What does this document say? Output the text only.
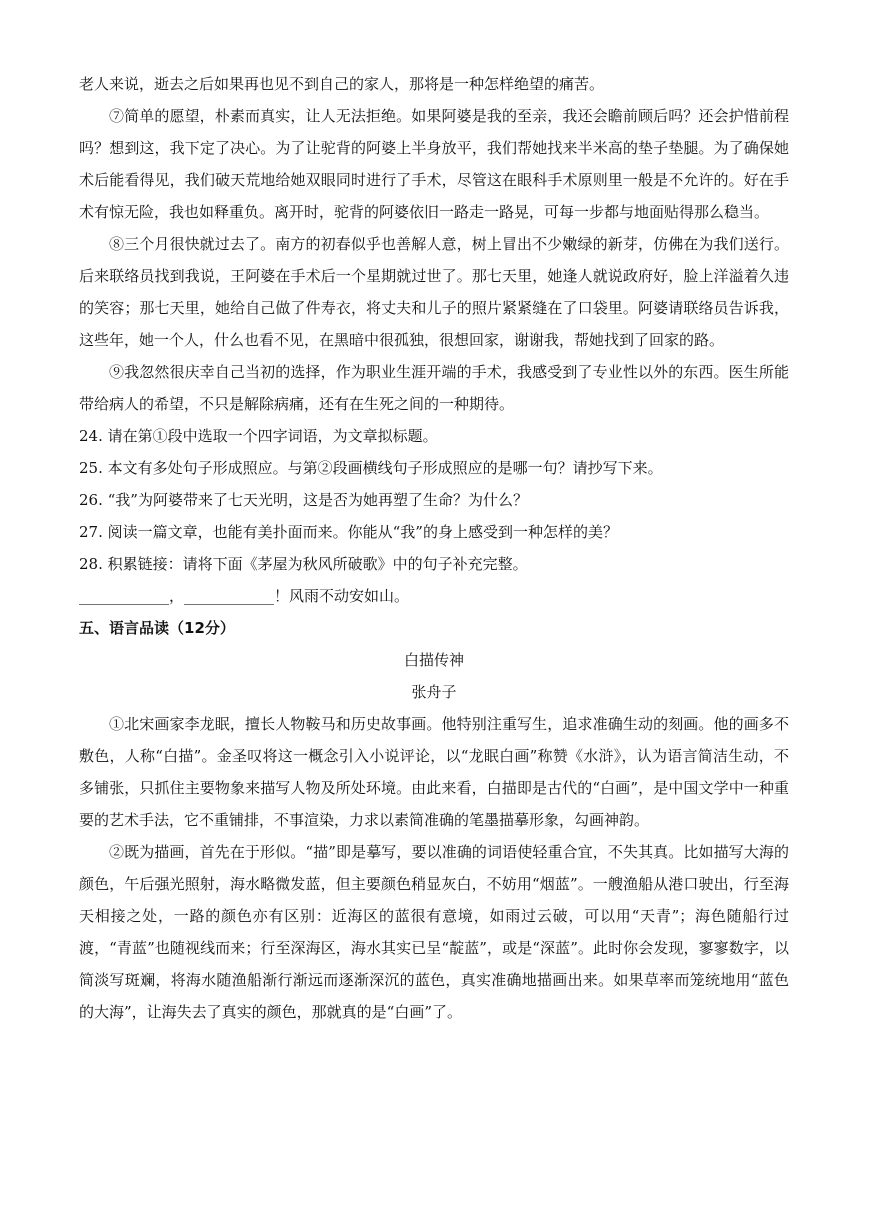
老人来说，逝去之后如果再也见不到自己的家人，那将是一种怎样绝望的痛苦。

⑦简单的愿望，朴素而真实，让人无法拒绝。如果阿婆是我的至亲，我还会瞻前顾后吗？还会护惜前程吗？想到这，我下定了决心。为了让驼背的阿婆上半身放平，我们帮她找来半米高的垫子垫腿。为了确保她术后能看得见，我们破天荒地给她双眼同时进行了手术，尽管这在眼科手术原则里一般是不允许的。好在手术有惊无险，我也如释重负。离开时，驼背的阿婆依旧一路走一路晃，可每一步都与地面贴得那么稳当。

⑧三个月很快就过去了。南方的初春似乎也善解人意，树上冒出不少嫩绿的新芽，仿佛在为我们送行。后来联络员找到我说，王阿婆在手术后一个星期就过世了。那七天里，她逢人就说政府好，脸上洋溢着久违的笑容；那七天里，她给自己做了件寿衣，将丈夫和儿子的照片紧紧缝在了口袋里。阿婆请联络员告诉我，这些年，她一个人，什么也看不见，在黑暗中很孤独，很想回家，谢谢我，帮她找到了回家的路。

⑨我忽然很庆幸自己当初的选择，作为职业生涯开端的手术，我感受到了专业性以外的东西。医生所能带给病人的希望，不只是解除病痛，还有在生死之间的一种期待。

24. 请在第①段中选取一个四字词语，为文章拟标题。

25. 本文有多处句子形成照应。与第②段画横线句子形成照应的是哪一句？请抄写下来。

26. “我”为阿婆带来了七天光明，这是否为她再塑了生命？为什么？

27. 阅读一篇文章，也能有美扑面而来。你能从“我”的身上感受到一种怎样的美？

28. 积累链接：请将下面《茅屋为秋风所破歌》中的句子补充完整。

____________，____________！风雨不动安如山。

五、语言品读（12分）

白描传神

张舟子

①北宋画家李龙眠，擅长人物鞍马和历史故事画。他特别注重写生，追求准确生动的刻画。他的画多不敷色，人称“白描”。金圣叹将这一概念引入小说评论，以“龙眠白画”称赞《水浒》，认为语言简洁生动，不多铺张，只抓住主要物象来描写人物及所处环境。由此来看，白描即是古代的“白画”，是中国文学中一种重要的艺术手法，它不重铺排，不事渲染，力求以素简准确的笔墨描摹形象，勾画神韵。

②既为描画，首先在于形似。“描”即是摹写，要以准确的词语使轻重合宜，不失其真。比如描写大海的颜色，午后强光照射，海水略微发蓝，但主要颜色稍显灰白，不妨用“烟蓝”。一艘渔船从港口驶出，行至海天相接之处，一路的颜色亦有区别：近海区的蓝很有意境，如雨过云破，可以用“天青”；海色随船行过渡，“青蓝”也随视线而来；行至深海区，海水其实已呈“靛蓝”，或是“深蓝”。此时你会发现，寥寥数字，以简淡写斑斓，将海水随渔船渐行渐远而逐渐深沉的蓝色，真实准确地描画出来。如果草率而笼统地用“蓝色的大海”，让海失去了真实的颜色，那就真的是“白画”了。
